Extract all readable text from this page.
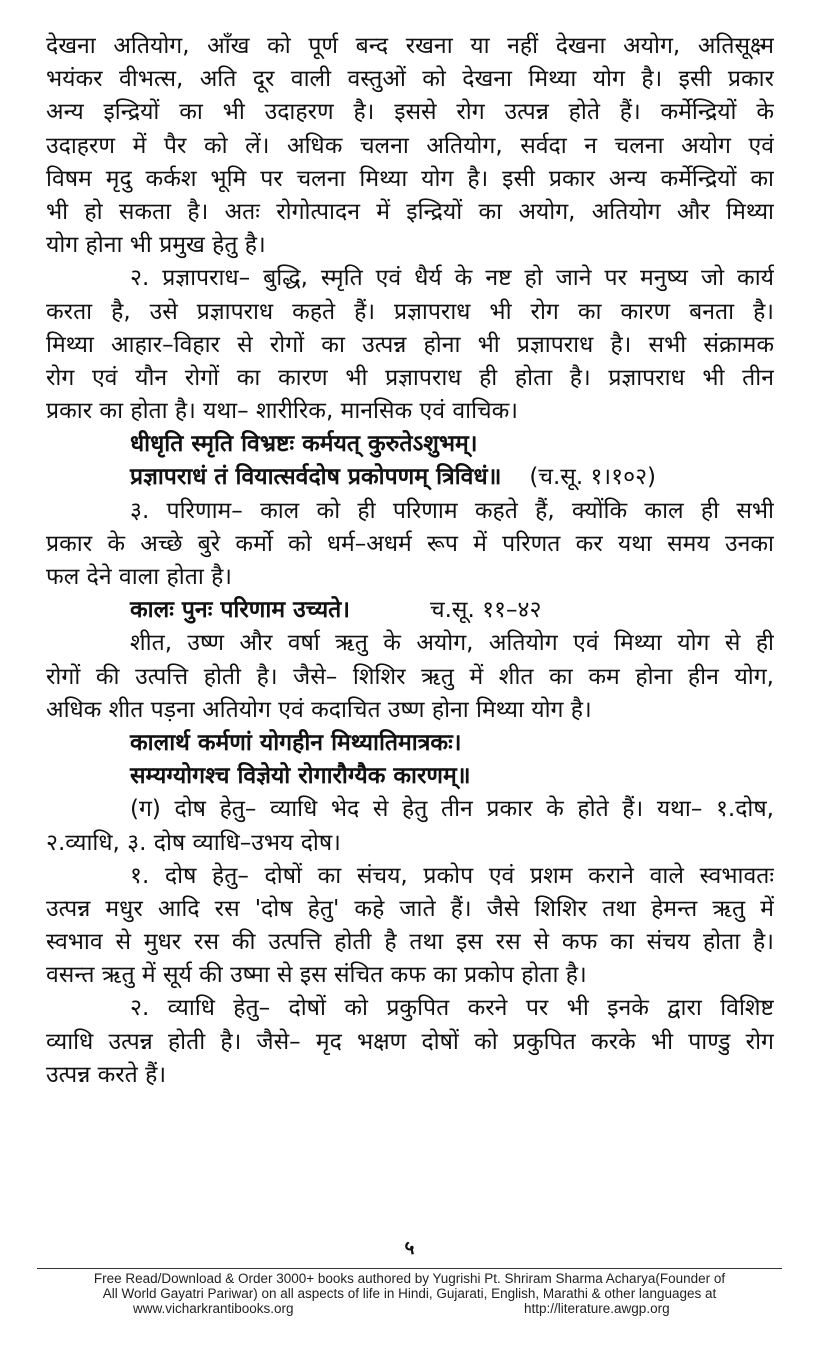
देखना अतियोग, आँख को पूर्ण बन्द रखना या नहीं देखना अयोग, अतिसूक्ष्म
भयंकर वीभत्स, अति दूर वाली वस्तुओं को देखना मिथ्या योग है। इसी प्रकार
अन्य इन्द्रियों का भी उदाहरण है। इससे रोग उत्पन्न होते हैं। कर्मेन्द्रियों के
उदाहरण में पैर को लें। अधिक चलना अतियोग, सर्वदा न चलना अयोग एवं
विषम मृदु कर्कश भूमि पर चलना मिथ्या योग है। इसी प्रकार अन्य कर्मेन्द्रियों का
भी हो सकता है। अतः रोगोत्पादन में इन्द्रियों का अयोग, अतियोग और मिथ्या
योग होना भी प्रमुख हेतु है।
२. प्रज्ञापराध– बुद्धि, स्मृति एवं धैर्य के नष्ट हो जाने पर मनुष्य जो कार्य
करता है, उसे प्रज्ञापराध कहते हैं। प्रज्ञापराध भी रोग का कारण बनता है।
मिथ्या आहार–विहार से रोगों का उत्पन्न होना भी प्रज्ञापराध है। सभी संक्रामक
रोग एवं यौन रोगों का कारण भी प्रज्ञापराध ही होता है। प्रज्ञापराध भी तीन
प्रकार का होता है। यथा– शारीरिक, मानसिक एवं वाचिक।
धीधृति स्मृति विभ्रष्टः कर्मयत् कुरुतेऽशुभम्।
प्रज्ञापराधं तं वियात्सर्वदोष प्रकोपणम् त्रिविधं॥ (च.सू. १।१०२)
३. परिणाम– काल को ही परिणाम कहते हैं, क्योंकि काल ही सभी
प्रकार के अच्छे बुरे कर्मो को धर्म–अधर्म रूप में परिणत कर यथा समय उनका
फल देने वाला होता है।
कालः पुनः परिणाम उच्यते।	च.सू. ११–४२
शीत, उष्ण और वर्षा ऋतु के अयोग, अतियोग एवं मिथ्या योग से ही
रोगों की उत्पत्ति होती है। जैसे– शिशिर ऋतु में शीत का कम होना हीन योग,
अधिक शीत पड़ना अतियोग एवं कदाचित उष्ण होना मिथ्या योग है।
कालार्थ कर्मणां योगहीन मिथ्यातिमात्रकः।
सम्यग्योगश्च विज्ञेयो रोगारौग्यैक कारणम्॥
(ग) दोष हेतु– व्याधि भेद से हेतु तीन प्रकार के होते हैं। यथा– १.दोष,
२.व्याधि, ३. दोष व्याधि–उभय दोष।
१. दोष हेतु– दोषों का संचय, प्रकोप एवं प्रशम कराने वाले स्वभावतः
उत्पन्न मधुर आदि रस 'दोष हेतु' कहे जाते हैं। जैसे शिशिर तथा हेमन्त ऋतु में
स्वभाव से मुधर रस की उत्पत्ति होती है तथा इस रस से कफ का संचय होता है।
वसन्त ऋतु में सूर्य की उष्मा से इस संचित कफ का प्रकोप होता है।
२. व्याधि हेतु– दोषों को प्रकुपित करने पर भी इनके द्वारा विशिष्ट
व्याधि उत्पन्न होती है। जैसे– मृद भक्षण दोषों को प्रकुपित करके भी पाण्डु रोग
उत्पन्न करते हैं।
५
Free Read/Download & Order 3000+ books authored by Yugrishi Pt. Shriram Sharma Acharya(Founder of
All World Gayatri Pariwar) on all aspects of life in Hindi, Gujarati, English, Marathi & other languages at
www.vicharkrantibooks.org	http://literature.awgp.org
